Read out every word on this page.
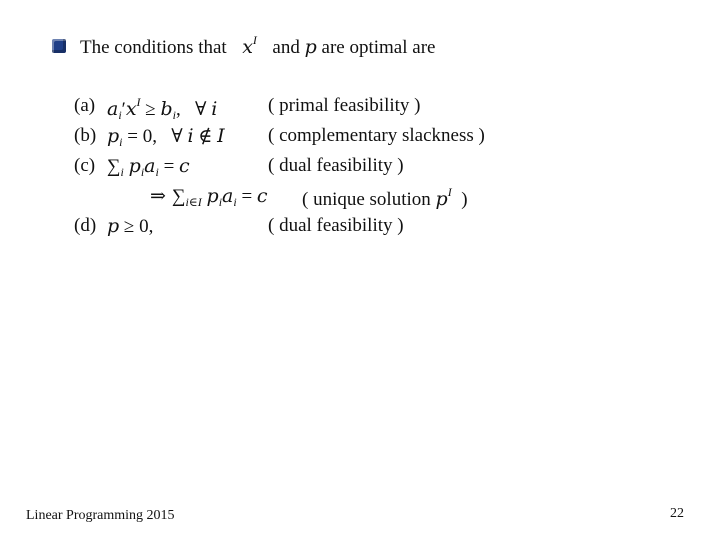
The conditions that $x^I$ and p are optimal are
(a) $a_i'x^I \ge b_i$,   ∀ i	( primal feasibility )
(b) $p_i = 0$,   ∀ i ∉ I ( complementary slackness )
(c) $\sum_i$ $p_ia_i = c$	( dual feasibility )
⇒ $\sum_{i\in I}$ $p_ia_i = c$ ( unique solution $p^I$ )
(d) p ≥ 0,	( dual feasibility )
Linear Programming 2015	22
